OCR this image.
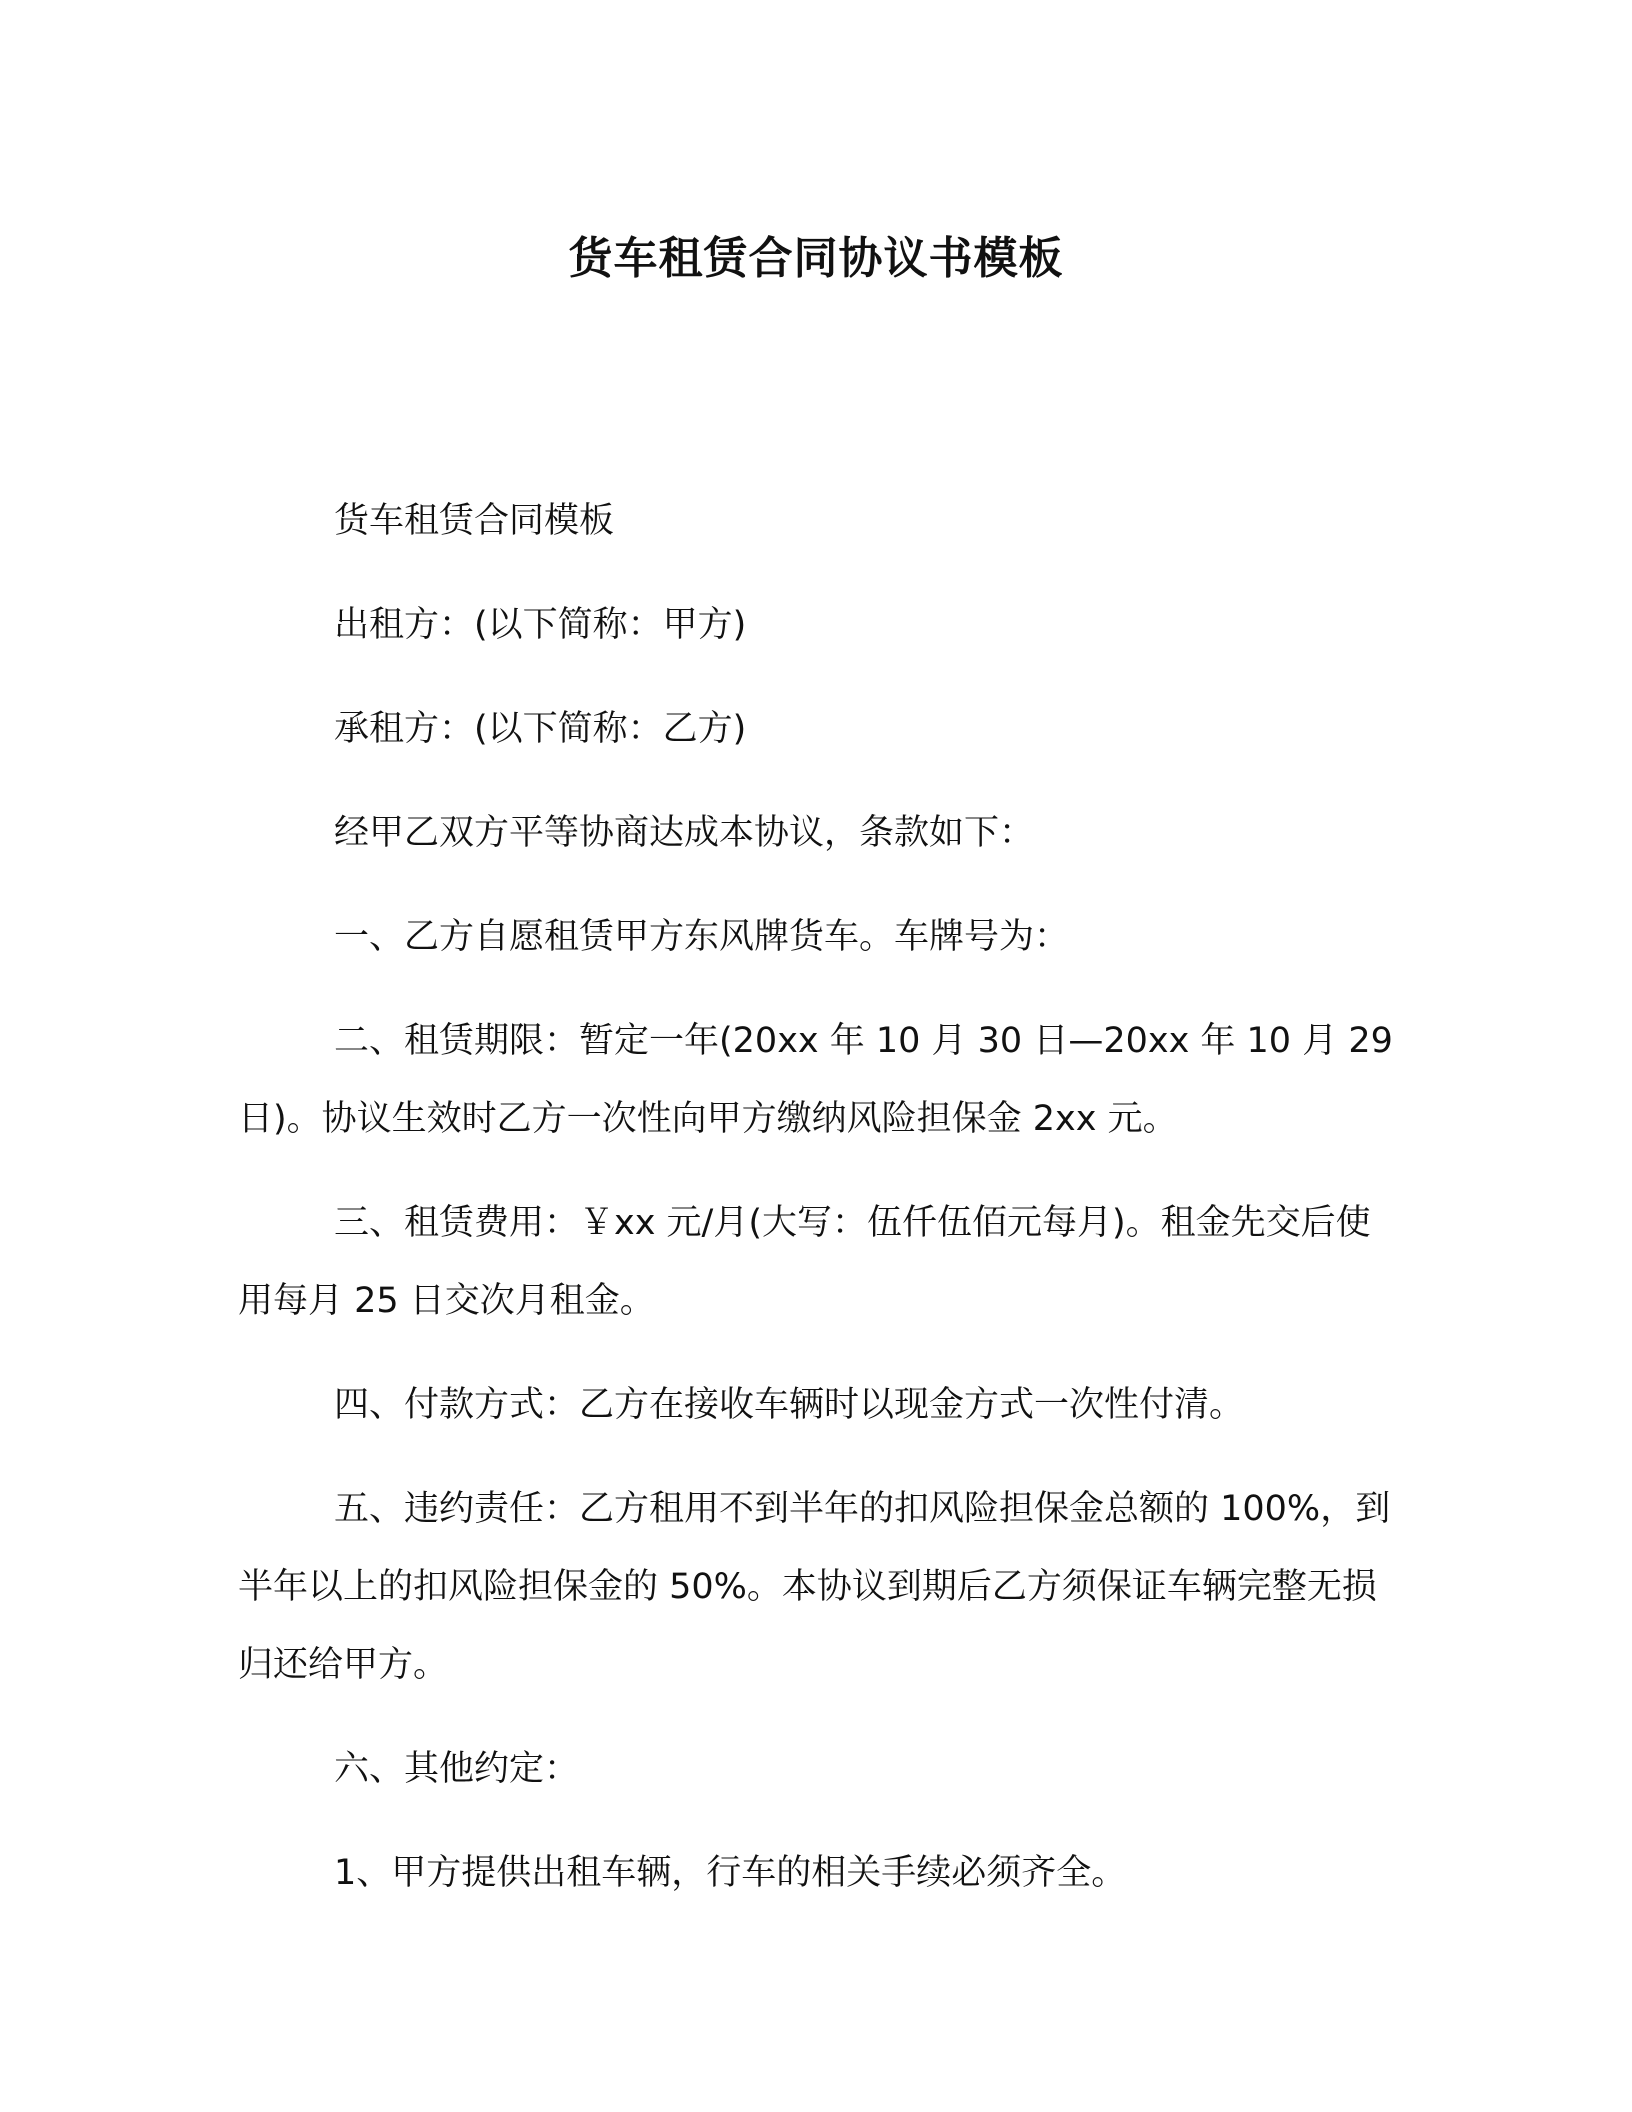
货车租赁合同协议书模板

货车租赁合同模板

出租方：(以下简称：甲方)

承租方：(以下简称：乙方)

经甲乙双方平等协商达成本协议，条款如下：

一、乙方自愿租赁甲方东风牌货车。车牌号为：

二、租赁期限：暂定一年(20xx 年 10 月 30 日—20xx 年 10 月 29 日)。协议生效时乙方一次性向甲方缴纳风险担保金 2xx 元。

三、租赁费用：￥xx 元/月(大写：伍仟伍佰元每月)。租金先交后使用每月 25 日交次月租金。

四、付款方式：乙方在接收车辆时以现金方式一次性付清。

五、违约责任：乙方租用不到半年的扣风险担保金总额的 100%，到半年以上的扣风险担保金的 50%。本协议到期后乙方须保证车辆完整无损归还给甲方。

六、其他约定：

1、甲方提供出租车辆，行车的相关手续必须齐全。
